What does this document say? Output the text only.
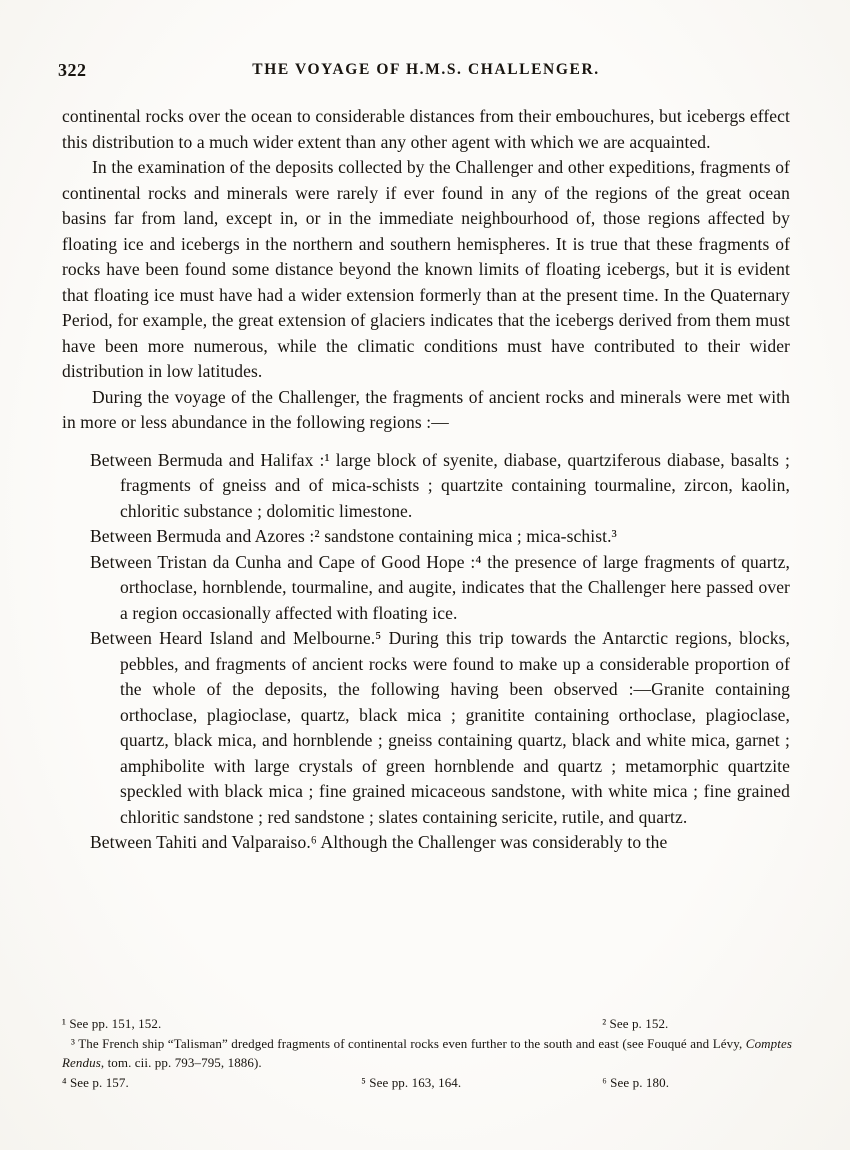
322	THE VOYAGE OF H.M.S. CHALLENGER.

continental rocks over the ocean to considerable distances from their embouchures, but icebergs effect this distribution to a much wider extent than any other agent with which we are acquainted.

In the examination of the deposits collected by the Challenger and other expeditions, fragments of continental rocks and minerals were rarely if ever found in any of the regions of the great ocean basins far from land, except in, or in the immediate neighbourhood of, those regions affected by floating ice and icebergs in the northern and southern hemispheres. It is true that these fragments of rocks have been found some distance beyond the known limits of floating icebergs, but it is evident that floating ice must have had a wider extension formerly than at the present time. In the Quaternary Period, for example, the great extension of glaciers indicates that the icebergs derived from them must have been more numerous, while the climatic conditions must have contributed to their wider distribution in low latitudes.

During the voyage of the Challenger, the fragments of ancient rocks and minerals were met with in more or less abundance in the following regions :—

Between Bermuda and Halifax :¹ large block of syenite, diabase, quartziferous diabase, basalts ; fragments of gneiss and of mica-schists ; quartzite containing tourmaline, zircon, kaolin, chloritic substance ; dolomitic limestone.

Between Bermuda and Azores :² sandstone containing mica ; mica-schist.³

Between Tristan da Cunha and Cape of Good Hope :⁴ the presence of large fragments of quartz, orthoclase, hornblende, tourmaline, and augite, indicates that the Challenger here passed over a region occasionally affected with floating ice.

Between Heard Island and Melbourne.⁵ During this trip towards the Antarctic regions, blocks, pebbles, and fragments of ancient rocks were found to make up a considerable proportion of the whole of the deposits, the following having been observed :—Granite containing orthoclase, plagioclase, quartz, black mica ; granitite containing orthoclase, plagioclase, quartz, black mica, and hornblende ; gneiss containing quartz, black and white mica, garnet ; amphibolite with large crystals of green hornblende and quartz ; metamorphic quartzite speckled with black mica ; fine grained micaceous sandstone, with white mica ; fine grained chloritic sandstone ; red sandstone ; slates containing sericite, rutile, and quartz.

Between Tahiti and Valparaiso.⁶ Although the Challenger was considerably to the

¹ See pp. 151, 152.	² See p. 152.

³ The French ship “Talisman” dredged fragments of continental rocks even further to the south and east (see Fouqué and Lévy, Comptes Rendus, tom. cii. pp. 793–795, 1886).

⁴ See p. 157.	⁵ See pp. 163, 164.	⁶ See p. 180.
